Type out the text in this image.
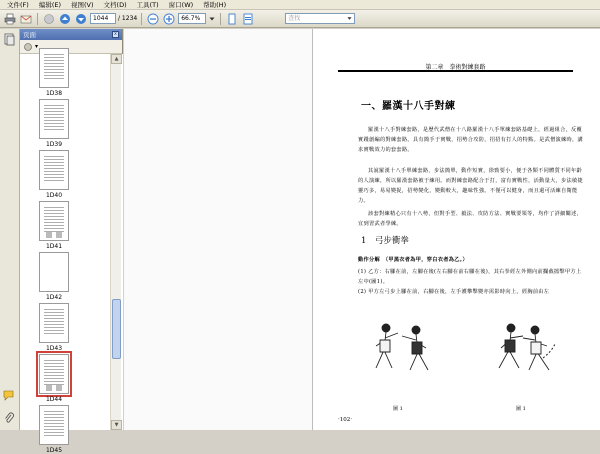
文件(F)	编辑(E)	视图(V)	文档(D)	工具(T)	窗口(W)	帮助(H)
1044
/ 1234
66.7%	查找
页面	x
▾
▲
▼
1D38
1D39
1D40
1D41
1D42
1D43
1D44
1D45
第二章　拳術對練套路
一、羅漢十八手對練
羅漢十八手對練套路，是歷代武僧在十八路羅漢十八手單練套路基礎上，經過組合，反覆實踐創編的對練套路。具有簡手于實戰，招勢合攻防，招招有打人的特點。是武僧演練時，講求實戰效力的套套路。
其說羅漢十八手單練套路，步法簡單，動作短實，徐勁要小，便于各類不同體質不同年齡的人演練，所以羅漢套路被于練用。而對練套路配合于打，富有實戰性，活動量大，步法敏捷靈巧多，易易變捉，招勢變化，變動較大，趣味性強。不僅可以健身，而且還可活練自衛能力。
該套對練精心只有十八勢，但對手型、毅法、攻防方法、實戰要領等，均作了詳細闡述，宜到習武者學練。
1　弓步衝拳
動作分解　（甲黑衣者為甲，穿白衣者為乙。）
(1) 乙方：右腳在前，左腳在後(左右腳在前右腳在後)，其右拳經左外側向前攔截擋擊甲方上左中(圖1)。
(2) 甲方左弓步上腳在前，右腳在後，左手護攀擊變亦需影時向上，經胸前由左
圖 1	圖 1
·102·
